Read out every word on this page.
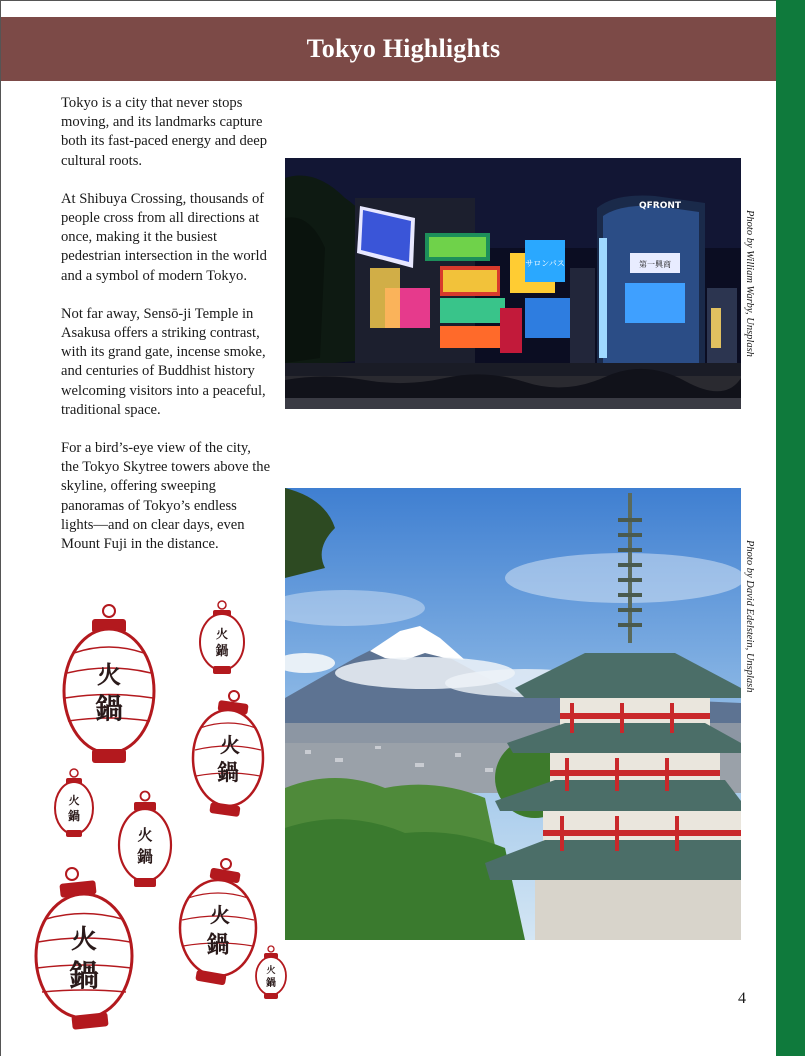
Tokyo Highlights

Tokyo is a city that never stops moving, and its landmarks capture both its fast-paced energy and deep cultural roots.

At Shibuya Crossing, thousands of people cross from all directions at once, making it the busiest pedestrian intersection in the world and a symbol of modern Tokyo.

Not far away, Sensō-ji Temple in Asakusa offers a striking contrast, with its grand gate, incense smoke, and centuries of Buddhist history welcoming visitors into a peaceful, traditional space.

For a bird’s-eye view of the city, the Tokyo Skytree towers above the skyline, offering sweeping panoramas of Tokyo’s endless lights—and on clear days, even Mount Fuji in the distance.

サロンパス
QFRONT
第一興商	Photo by William Warby, Unsplash
Photo by David Edelstein, Unsplash
火
鍋
火
鍋
火
鍋
火
鍋
火
鍋
火
鍋
火
鍋
火
鍋
4
